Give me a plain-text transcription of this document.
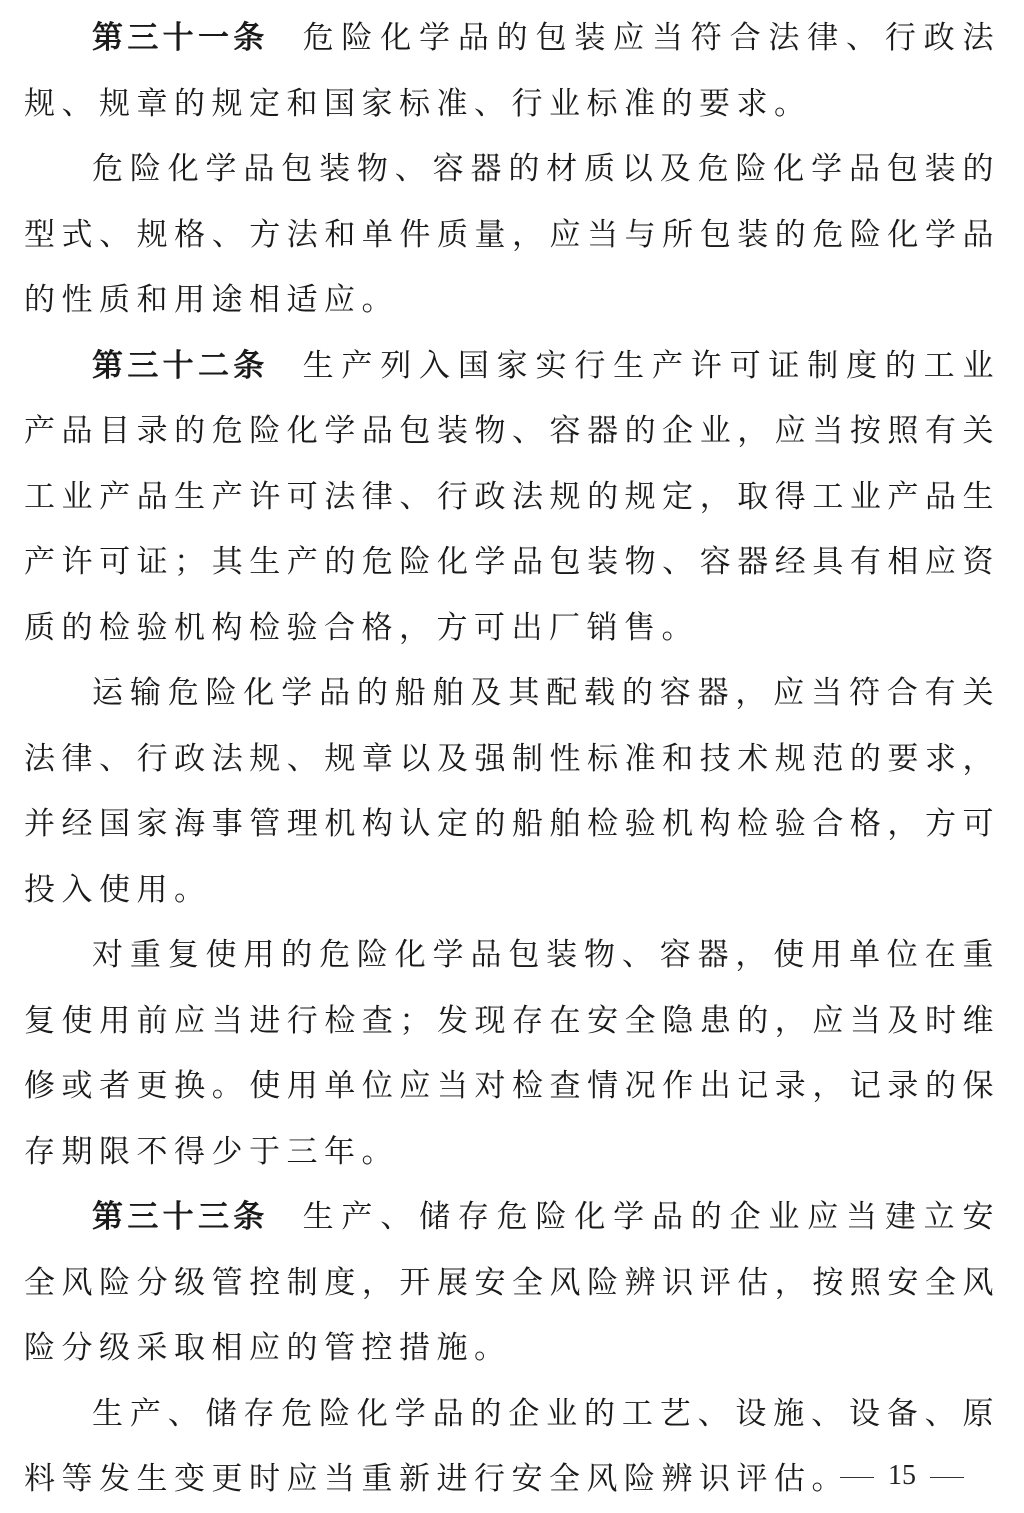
第三十一条 危险化学品的包装应当符合法律、行政法规、规章的规定和国家标准、行业标准的要求。

危险化学品包装物、容器的材质以及危险化学品包装的型式、规格、方法和单件质量，应当与所包装的危险化学品的性质和用途相适应。

第三十二条 生产列入国家实行生产许可证制度的工业产品目录的危险化学品包装物、容器的企业，应当按照有关工业产品生产许可法律、行政法规的规定，取得工业产品生产许可证；其生产的危险化学品包装物、容器经具有相应资质的检验机构检验合格，方可出厂销售。

运输危险化学品的船舶及其配载的容器，应当符合有关法律、行政法规、规章以及强制性标准和技术规范的要求，并经国家海事管理机构认定的船舶检验机构检验合格，方可投入使用。

对重复使用的危险化学品包装物、容器，使用单位在重复使用前应当进行检查；发现存在安全隐患的，应当及时维修或者更换。使用单位应当对检查情况作出记录，记录的保存期限不得少于三年。

第三十三条 生产、储存危险化学品的企业应当建立安全风险分级管控制度，开展安全风险辨识评估，按照安全风险分级采取相应的管控措施。

生产、储存危险化学品的企业的工艺、设施、设备、原料等发生变更时应当重新进行安全风险辨识评估。	15
